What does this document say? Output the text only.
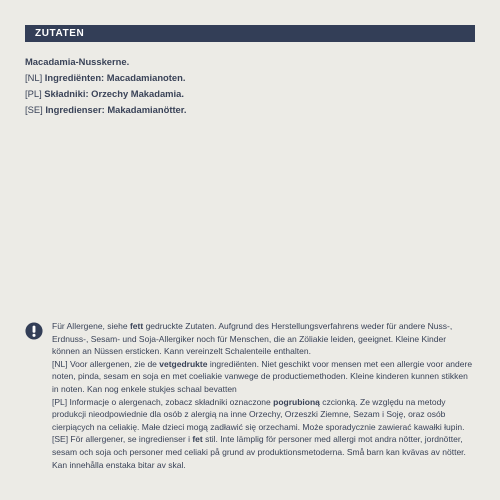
ZUTATEN
Macadamia-Nusskerne.
[NL] Ingrediënten: Macadamianoten.
[PL] Składniki: Orzechy Makadamia.
[SE] Ingredienser: Makadamianötter.

Für Allergene, siehe fett gedruckte Zutaten. Aufgrund des Herstellungsverfahrens weder für andere Nuss-, Erdnuss-, Sesam- und Soja-Allergiker noch für Menschen, die an Zöliakie leiden, geeignet. Kleine Kinder können an Nüssen ersticken. Kann vereinzelt Schalenteile enthalten.

[NL] Voor allergenen, zie de vetgedrukte ingrediënten. Niet geschikt voor mensen met een allergie voor andere noten, pinda, sesam en soja en met coeliakie vanwege de productiemethoden. Kleine kinderen kunnen stikken in noten. Kan nog enkele stukjes schaal bevatten

[PL] Informacje o alergenach, zobacz składniki oznaczone pogrubioną czcionką. Ze względu na metody produkcji nieodpowiednie dla osób z alergią na inne Orzechy, Orzeszki Ziemne, Sezam i Soję, oraz osób cierpiących na celiakię. Małe dzieci mogą zadławić się orzechami. Może sporadycznie zawierać kawałki łupin.

[SE] För allergener, se ingredienser i fet stil. Inte lämplig för personer med allergi mot andra nötter, jordnötter, sesam och soja och personer med celiaki på grund av produktionsmetoderna. Små barn kan kvävas av nötter. Kan innehålla enstaka bitar av skal.
